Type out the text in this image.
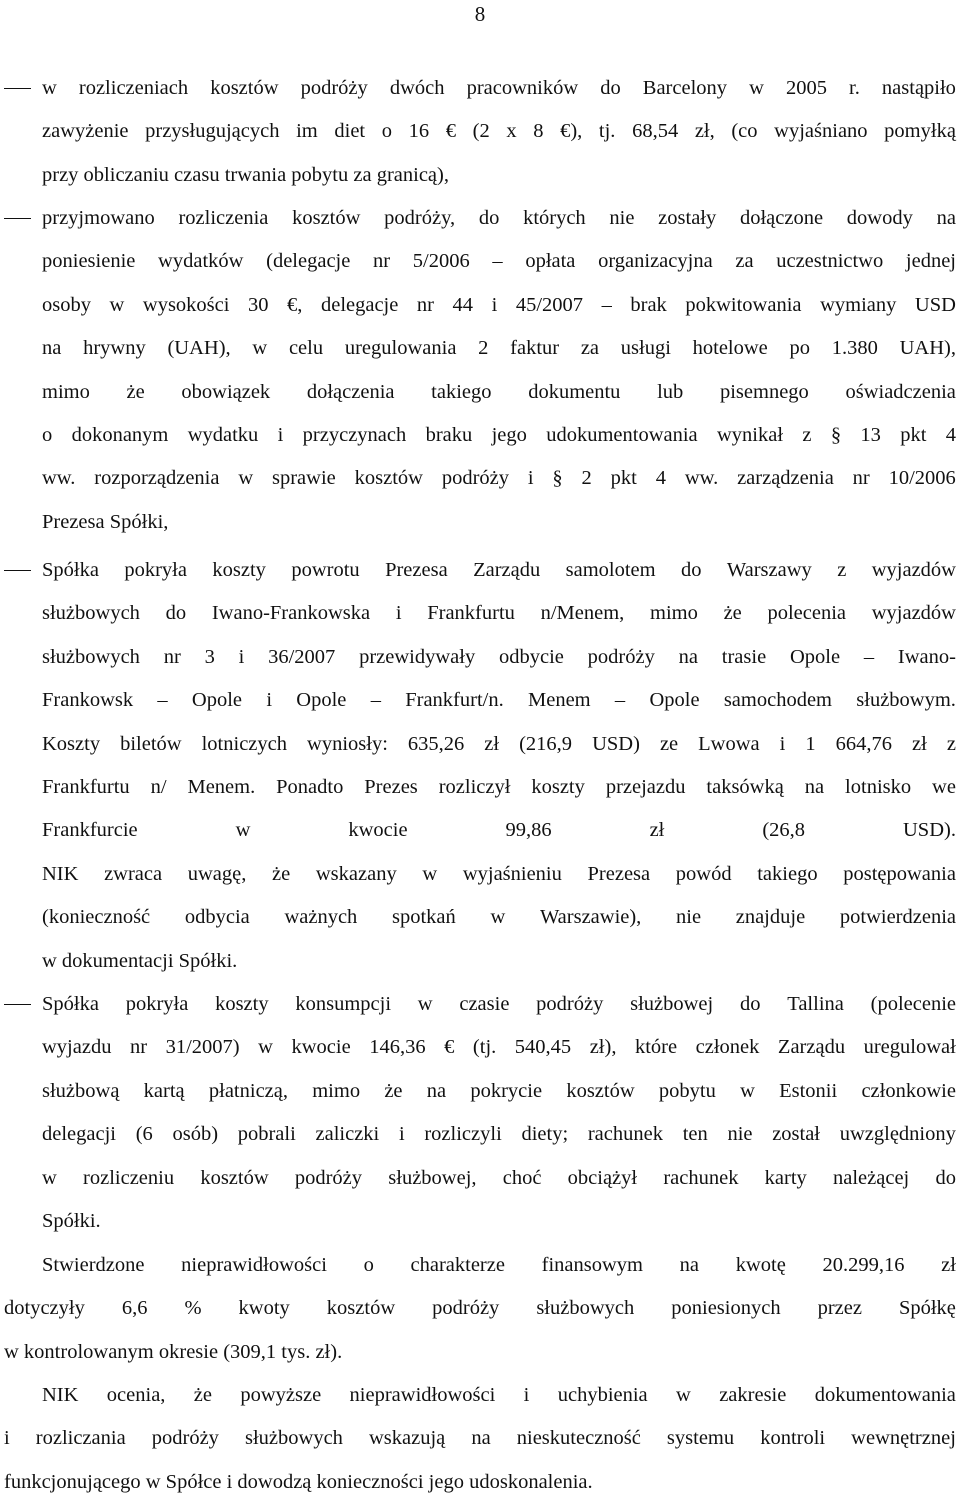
8
w rozliczeniach kosztów podróży dwóch pracowników do Barcelony w 2005 r. nastąpiło
zawyżenie przysługujących im diet o 16 € (2 x 8 €), tj. 68,54 zł, (co wyjaśniano pomyłką
przy obliczaniu czasu trwania pobytu za granicą),
przyjmowano rozliczenia kosztów podróży, do których nie zostały dołączone dowody na
poniesienie wydatków (delegacje nr 5/2006 – opłata organizacyjna za uczestnictwo jednej
osoby w wysokości 30 €, delegacje nr 44 i 45/2007 – brak pokwitowania wymiany USD
na hrywny (UAH), w celu uregulowania 2 faktur za usługi hotelowe po 1.380 UAH),
mimo że obowiązek dołączenia takiego dokumentu lub pisemnego oświadczenia
o dokonanym wydatku i przyczynach braku jego udokumentowania wynikał z § 13 pkt 4
ww. rozporządzenia w sprawie kosztów podróży i § 2 pkt 4 ww. zarządzenia nr 10/2006
Prezesa Spółki,
Spółka pokryła koszty powrotu Prezesa Zarządu samolotem do Warszawy z wyjazdów
służbowych do Iwano-Frankowska i Frankfurtu n/Menem, mimo że polecenia wyjazdów
służbowych nr 3 i 36/2007 przewidywały odbycie podróży na trasie Opole – Iwano-
Frankowsk – Opole i Opole – Frankfurt/n. Menem – Opole samochodem służbowym.
Koszty biletów lotniczych wyniosły: 635,26 zł (216,9 USD) ze Lwowa i 1 664,76 zł z
Frankfurtu n/ Menem. Ponadto Prezes rozliczył koszty przejazdu taksówką na lotnisko we
Frankfurcie	w	kwocie	99,86	zł	(26,8	USD).
NIK zwraca uwagę, że wskazany w wyjaśnieniu Prezesa powód takiego postępowania
(konieczność odbycia ważnych spotkań w Warszawie), nie znajduje potwierdzenia
w dokumentacji Spółki.
Spółka pokryła koszty konsumpcji w czasie podróży służbowej do Tallina (polecenie
wyjazdu nr 31/2007) w kwocie 146,36 € (tj. 540,45 zł), które członek Zarządu uregulował
służbową kartą płatniczą, mimo że na pokrycie kosztów pobytu w Estonii członkowie
delegacji (6 osób) pobrali zaliczki i rozliczyli diety; rachunek ten nie został uwzględniony
w rozliczeniu kosztów podróży służbowej, choć obciążył rachunek karty należącej do
Spółki.
Stwierdzone nieprawidłowości o charakterze finansowym na kwotę 20.299,16 zł
dotyczyły 6,6 % kwoty kosztów podróży służbowych poniesionych przez Spółkę
w kontrolowanym okresie (309,1 tys. zł).
NIK ocenia, że powyższe nieprawidłowości i uchybienia w zakresie dokumentowania
i rozliczania podróży służbowych wskazują na nieskuteczność systemu kontroli wewnętrznej
funkcjonującego w Spółce i dowodzą konieczności jego udoskonalenia.
